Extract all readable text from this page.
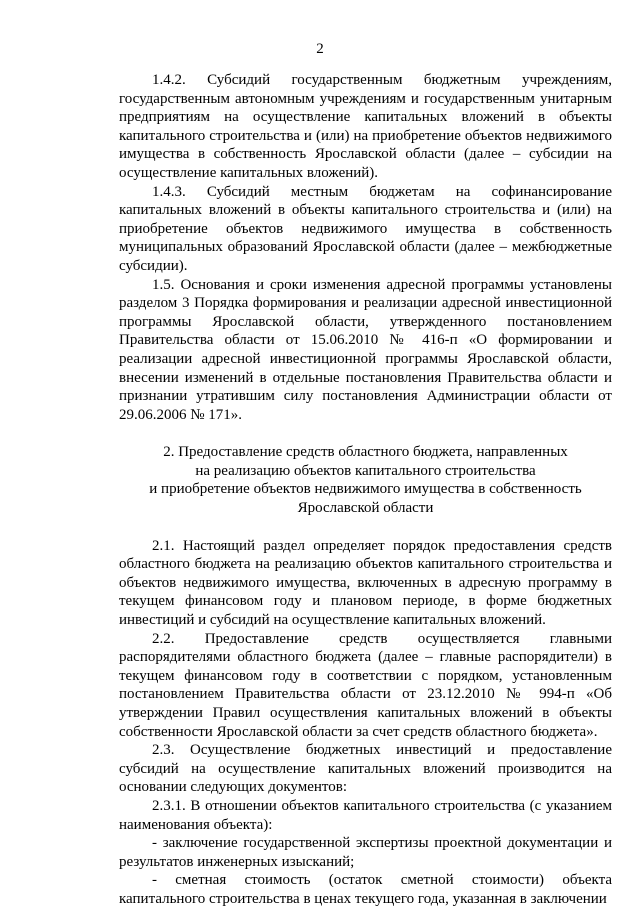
2

1.4.2. Субсидий государственным бюджетным учреждениям, государственным автономным учреждениям и государственным унитарным предприятиям на осуществление капитальных вложений в объекты капитального строительства и (или) на приобретение объектов недвижимого имущества в собственность Ярославской области (далее – субсидии на осуществление капитальных вложений).

1.4.3. Субсидий местным бюджетам на софинансирование капитальных вложений в объекты капитального строительства и (или) на приобретение объектов недвижимого имущества в собственность муниципальных образований Ярославской области (далее – межбюджетные субсидии).

1.5. Основания и сроки изменения адресной программы установлены разделом 3 Порядка формирования и реализации адресной инвестиционной программы Ярославской области, утвержденного постановлением Правительства области от 15.06.2010 № 416-п «О формировании и реализации адресной инвестиционной программы Ярославской области, внесении изменений в отдельные постановления Правительства области и признании утратившим силу постановления Администрации области от 29.06.2006 № 171».

2. Предоставление средств областного бюджета, направленных
на реализацию объектов капитального строительства
и приобретение объектов недвижимого имущества в собственность
Ярославской области

2.1. Настоящий раздел определяет порядок предоставления средств областного бюджета на реализацию объектов капитального строительства и объектов недвижимого имущества, включенных в адресную программу в текущем финансовом году и плановом периоде, в форме бюджетных инвестиций и субсидий на осуществление капитальных вложений.

2.2. Предоставление средств осуществляется главными распорядителями областного бюджета (далее – главные распорядители) в текущем финансовом году в соответствии с порядком, установленным постановлением Правительства области от 23.12.2010 № 994-п «Об утверждении Правил осуществления капитальных вложений в объекты собственности Ярославской области за счет средств областного бюджета».

2.3. Осуществление бюджетных инвестиций и предоставление субсидий на осуществление капитальных вложений производится на основании следующих документов:

2.3.1. В отношении объектов капитального строительства (с указанием наименования объекта):

- заключение государственной экспертизы проектной документации и результатов инженерных изысканий;

- сметная стоимость (остаток сметной стоимости) объекта капитального строительства в ценах текущего года, указанная в заключении
